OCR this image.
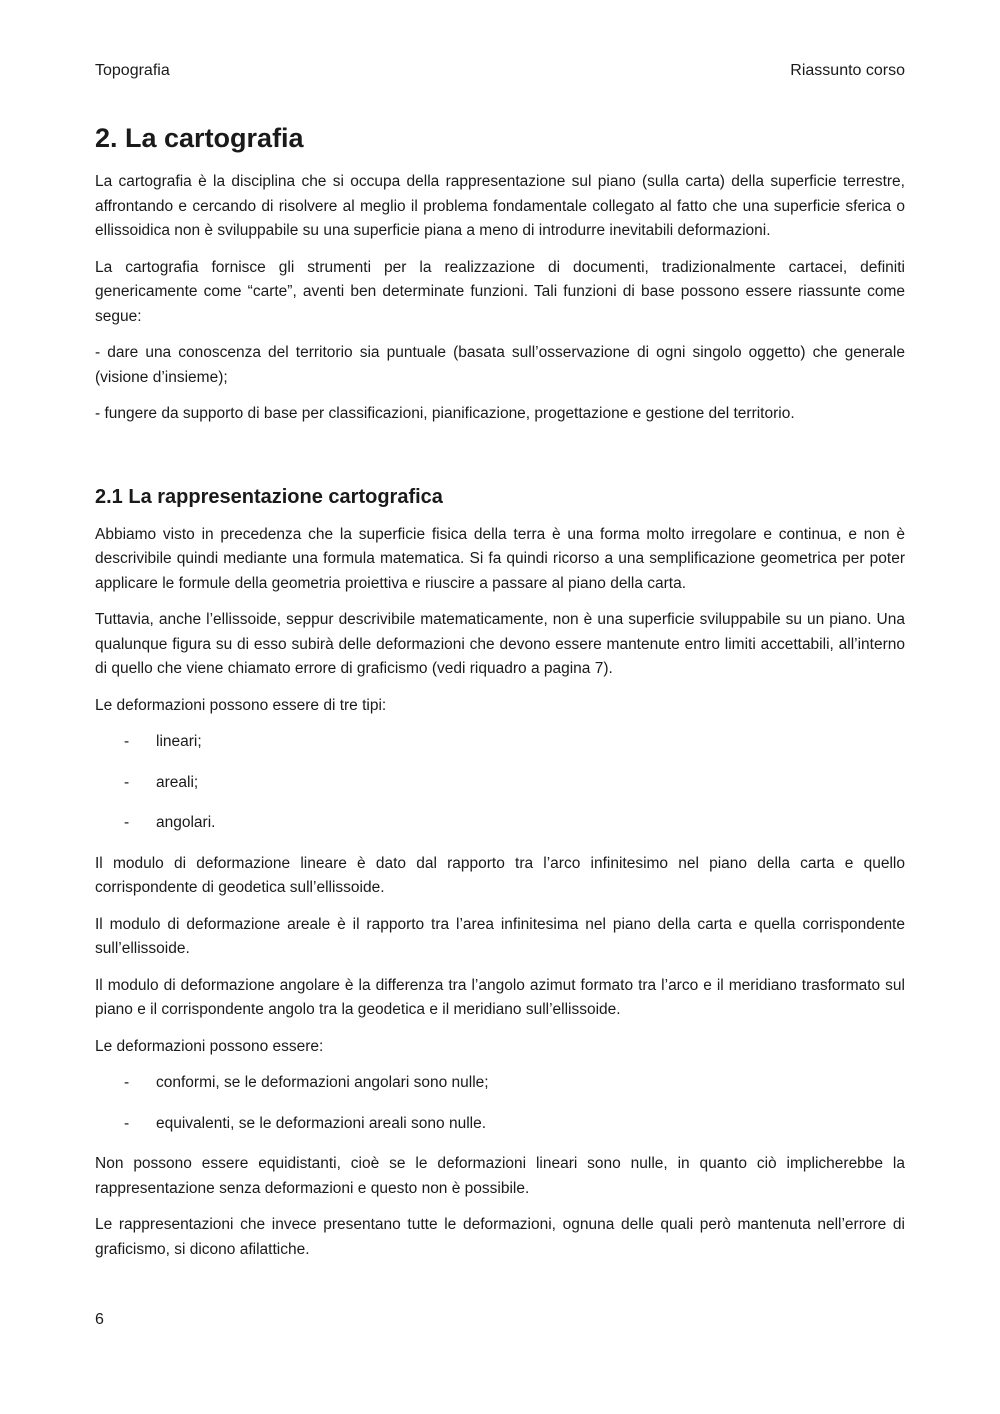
Topografia	Riassunto corso
2. La cartografia

La cartografia è la disciplina che si occupa della rappresentazione sul piano (sulla carta) della superficie terrestre, affrontando e cercando di risolvere al meglio il problema fondamentale collegato al fatto che una superficie sferica o ellissoidica non è sviluppabile su una superficie piana a meno di introdurre inevitabili deformazioni.

La cartografia fornisce gli strumenti per la realizzazione di documenti, tradizionalmente cartacei, definiti genericamente come “carte”, aventi ben determinate funzioni. Tali funzioni di base possono essere riassunte come segue:

- dare una conoscenza del territorio sia puntuale (basata sull’osservazione di ogni singolo oggetto) che generale (visione d’insieme);

- fungere da supporto di base per classificazioni, pianificazione, progettazione e gestione del territorio.

2.1 La rappresentazione cartografica

Abbiamo visto in precedenza che la superficie fisica della terra è una forma molto irregolare e continua, e non è descrivibile quindi mediante una formula matematica. Si fa quindi ricorso a una semplificazione geometrica per poter applicare le formule della geometria proiettiva e riuscire a passare al piano della carta.

Tuttavia, anche l’ellissoide, seppur descrivibile matematicamente, non è una superficie sviluppabile su un piano. Una qualunque figura su di esso subirà delle deformazioni che devono essere mantenute entro limiti accettabili, all’interno di quello che viene chiamato errore di graficismo (vedi riquadro a pagina 7).

Le deformazioni possono essere di tre tipi:

- lineari;
- areali;
- angolari.

Il modulo di deformazione lineare è dato dal rapporto tra l’arco infinitesimo nel piano della carta e quello corrispondente di geodetica sull’ellissoide.

Il modulo di deformazione areale è il rapporto tra l’area infinitesima nel piano della carta e quella corrispondente sull’ellissoide.

Il modulo di deformazione angolare è la differenza tra l’angolo azimut formato tra l’arco e il meridiano trasformato sul piano e il corrispondente angolo tra la geodetica e il meridiano sull’ellissoide.

Le deformazioni possono essere:

- conformi, se le deformazioni angolari sono nulle;
- equivalenti, se le deformazioni areali sono nulle.

Non possono essere equidistanti, cioè se le deformazioni lineari sono nulle, in quanto ciò implicherebbe la rappresentazione senza deformazioni e questo non è possibile.

Le rappresentazioni che invece presentano tutte le deformazioni, ognuna delle quali però mantenuta nell’errore di graficismo, si dicono afilattiche.

6
